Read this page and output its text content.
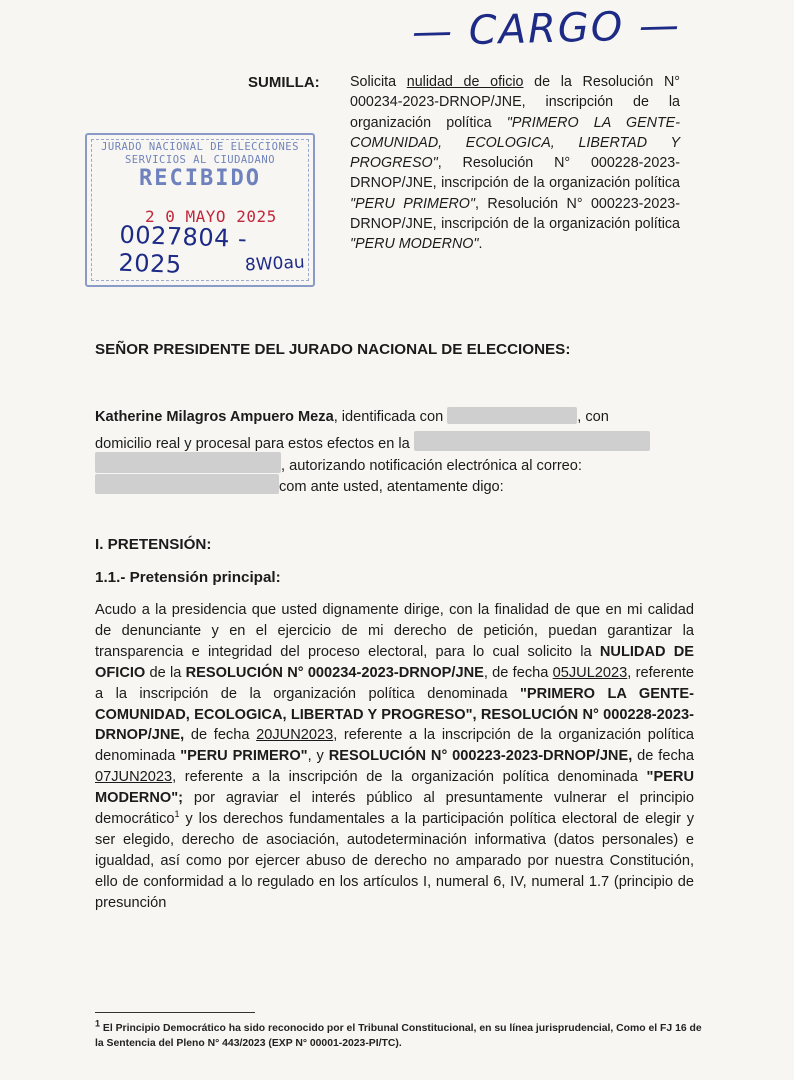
— CARGO —
SUMILLA: Solicita nulidad de oficio de la Resolución N° 000234-2023-DRNOP/JNE, inscripción de la organización política "PRIMERO LA GENTE-COMUNIDAD, ECOLOGICA, LIBERTAD Y PROGRESO", Resolución N° 000228-2023-DRNOP/JNE, inscripción de la organización política "PERU PRIMERO", Resolución N° 000223-2023-DRNOP/JNE, inscripción de la organización política "PERU MODERNO".
JURADO NACIONAL DE ELECCIONES
SERVICIOS AL CIUDADANO
RECIBIDO
2 0 MAYO 2025
0027804 - 2025	8W0au
SEÑOR PRESIDENTE DEL JURADO NACIONAL DE ELECCIONES:
Katherine Milagros Ampuero Meza, identificada con	, con
domicilio real y procesal para estos efectos en la
, autorizando notificación electrónica al correo:
com ante usted, atentamente digo:
I. PRETENSIÓN:
1.1.- Pretensión principal:
Acudo a la presidencia que usted dignamente dirige, con la finalidad de que en mi calidad de denunciante y en el ejercicio de mi derecho de petición, puedan garantizar la transparencia e integridad del proceso electoral, para lo cual solicito la NULIDAD DE OFICIO de la RESOLUCIÓN N° 000234-2023-DRNOP/JNE, de fecha 05JUL2023, referente a la inscripción de la organización política denominada "PRIMERO LA GENTE-COMUNIDAD, ECOLOGICA, LIBERTAD Y PROGRESO", RESOLUCIÓN N° 000228-2023-DRNOP/JNE, de fecha 20JUN2023, referente a la inscripción de la organización política denominada "PERU PRIMERO", y RESOLUCIÓN N° 000223-2023-DRNOP/JNE, de fecha 07JUN2023, referente a la inscripción de la organización política denominada "PERU MODERNO"; por agraviar el interés público al presuntamente vulnerar el principio democrático$^1$ y los derechos fundamentales a la participación política electoral de elegir y ser elegido, derecho de asociación, autodeterminación informativa (datos personales) e igualdad, así como por ejercer abuso de derecho no amparado por nuestra Constitución, ello de conformidad a lo regulado en los artículos I, numeral 6, IV, numeral 1.7 (principio de presunción
$^1$ El Principio Democrático ha sido reconocido por el Tribunal Constitucional, en su línea jurisprudencial, Como el FJ 16 de la Sentencia del Pleno N° 443/2023 (EXP N° 00001-2023-PI/TC).
